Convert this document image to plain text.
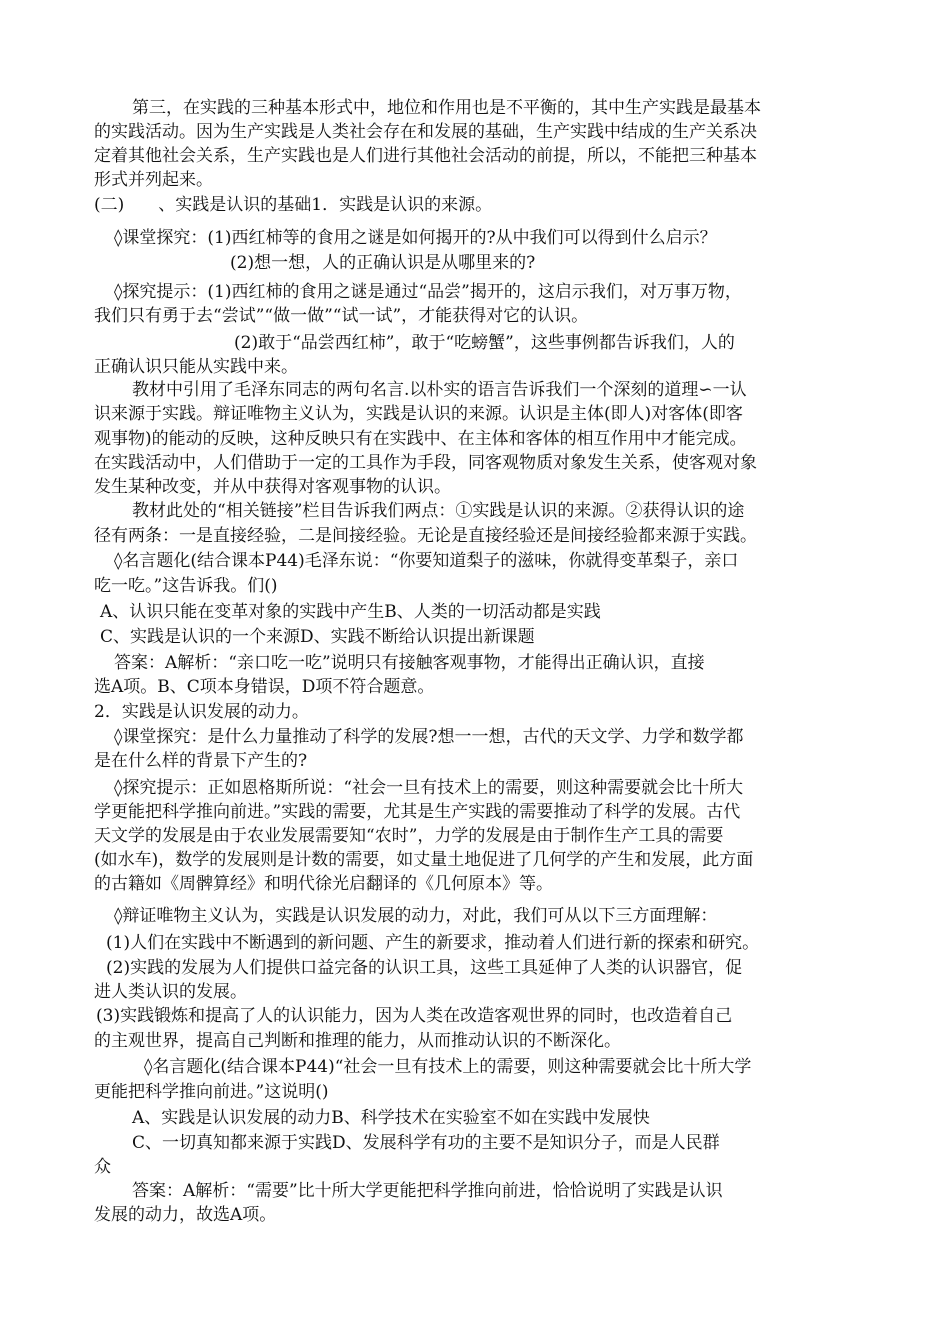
第三，在实践的三种基本形式中，地位和作用也是不平衡的，其中生产实践是最基本
的实践活动。因为生产实践是人类社会存在和发展的基础，生产实践中结成的生产关系决
定着其他社会关系，生产实践也是人们进行其他社会活动的前提，所以，不能把三种基本
形式并列起来。
(二)　　、实践是认识的基础1．实践是认识的来源。
◊课堂探究：(1)西红柿等的食用之谜是如何揭开的?从中我们可以得到什么启示？
(2)想一想，人的正确认识是从哪里来的?
◊探究提示：(1)西红柿的食用之谜是通过“品尝”揭开的，这启示我们，对万事万物，
我们只有勇于去“尝试”“做一做”“试一试”，才能获得对它的认识。
(2)敢于“品尝西红柿”，敢于“吃螃蟹”，这些事例都告诉我们，人的
正确认识只能从实践中来。
教材中引用了毛泽东同志的两句名言.以朴实的语言告诉我们一个深刻的道理∽一认
识来源于实践。辩证唯物主义认为，实践是认识的来源。认识是主体(即人)对客体(即客
观事物)的能动的反映，这种反映只有在实践中、在主体和客体的相互作用中才能完成。
在实践活动中，人们借助于一定的工具作为手段，同客观物质对象发生关系，使客观对象
发生某种改变，并从中获得对客观事物的认识。
教材此处的“相关链接”栏目告诉我们两点：①实践是认识的来源。②获得认识的途
径有两条：一是直接经验，二是间接经验。无论是直接经验还是间接经验都来源于实践。
◊名言题化(结合课本P44)毛泽东说：“你要知道梨子的滋味，你就得变革梨子，亲口
吃一吃。”这告诉我。们()
A、认识只能在变革对象的实践中产生B、人类的一切活动都是实践
C、实践是认识的一个来源D、实践不断给认识提出新课题
答案：A解析：“亲口吃一吃”说明只有接触客观事物，才能得出正确认识，直接
选A项。B、C项本身错误，D项不符合题意。
2．实践是认识发展的动力。
◊课堂探究：是什么力量推动了科学的发展?想一一想，古代的天文学、力学和数学都
是在什么样的背景下产生的?
◊探究提示：正如恩格斯所说：“社会一旦有技术上的需要，则这种需要就会比十所大
学更能把科学推向前进。”实践的需要，尤其是生产实践的需要推动了科学的发展。古代
天文学的发展是由于农业发展需要知“农时”，力学的发展是由于制作生产工具的需要
(如水车)，数学的发展则是计数的需要，如丈量土地促进了几何学的产生和发展，此方面
的古籍如《周髀算经》和明代徐光启翻译的《几何原本》等。
◊辩证唯物主义认为，实践是认识发展的动力，对此，我们可从以下三方面理解：
(1)人们在实践中不断遇到的新问题、产生的新要求，推动着人们进行新的探索和研究。
(2)实践的发展为人们提供口益完备的认识工具，这些工具延伸了人类的认识器官，促
进人类认识的发展。
(3)实践锻炼和提高了人的认识能力，因为人类在改造客观世界的同时，也改造着自己
的主观世界，提高自己判断和推理的能力，从而推动认识的不断深化。
◊名言题化(结合课本P44)“社会一旦有技术上的需要，则这种需要就会比十所大学
更能把科学推向前进。”这说明()
A、实践是认识发展的动力B、科学技术在实验室不如在实践中发展快
C、一切真知都来源于实践D、发展科学有功的主要不是知识分子，而是人民群
众
答案：A解析：“需要”比十所大学更能把科学推向前进，恰恰说明了实践是认识
发展的动力，故选A项。
